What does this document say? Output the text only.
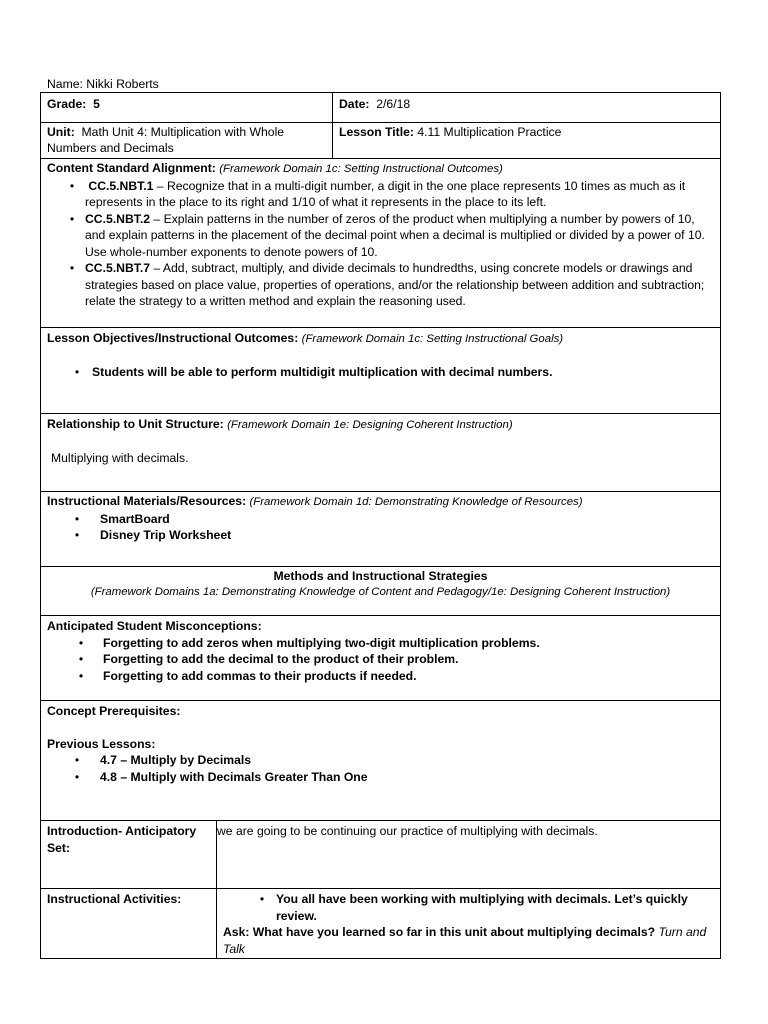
Name: Nikki Roberts
Grade: 5	Date: 2/6/18
Unit: Math Unit 4: Multiplication with Whole Numbers and Decimals
Lesson Title: 4.11 Multiplication Practice
Content Standard Alignment: (Framework Domain 1c: Setting Instructional Outcomes)
•	CC.5.NBT.1 – Recognize that in a multi-digit number, a digit in the one place represents 10 times as much as it represents in the place to its right and 1/10 of what it represents in the place to its left.
• CC.5.NBT.2 – Explain patterns in the number of zeros of the product when multiplying a number by powers of 10, and explain patterns in the placement of the decimal point when a decimal is multiplied or divided by a power of 10. Use whole-number exponents to denote powers of 10.
• CC.5.NBT.7 – Add, subtract, multiply, and divide decimals to hundredths, using concrete models or drawings and strategies based on place value, properties of operations, and/or the relationship between addition and subtraction; relate the strategy to a written method and explain the reasoning used.
Lesson Objectives/Instructional Outcomes: (Framework Domain 1c: Setting Instructional Goals)
•	Students will be able to perform multidigit multiplication with decimal numbers.
Relationship to Unit Structure: (Framework Domain 1e: Designing Coherent Instruction)
Multiplying with decimals.
Instructional Materials/Resources: (Framework Domain 1d: Demonstrating Knowledge of Resources)
•	SmartBoard
•	Disney Trip Worksheet
Methods and Instructional Strategies
(Framework Domains 1a: Demonstrating Knowledge of Content and Pedagogy/1e: Designing Coherent Instruction)
Anticipated Student Misconceptions:
•	Forgetting to add zeros when multiplying two-digit multiplication problems.
•	Forgetting to add the decimal to the product of their problem.
•	Forgetting to add commas to their products if needed.
Concept Prerequisites:
Previous Lessons:
•	4.7 – Multiply by Decimals
•	4.8 – Multiply with Decimals Greater Than One
Introduction- Anticipatory Set:
we are going to be continuing our practice of multiplying with decimals.
Instructional Activities:	• You all have been working with multiplying with decimals. Let’s quickly review.
Ask: What have you learned so far in this unit about multiplying decimals? Turn and Talk
